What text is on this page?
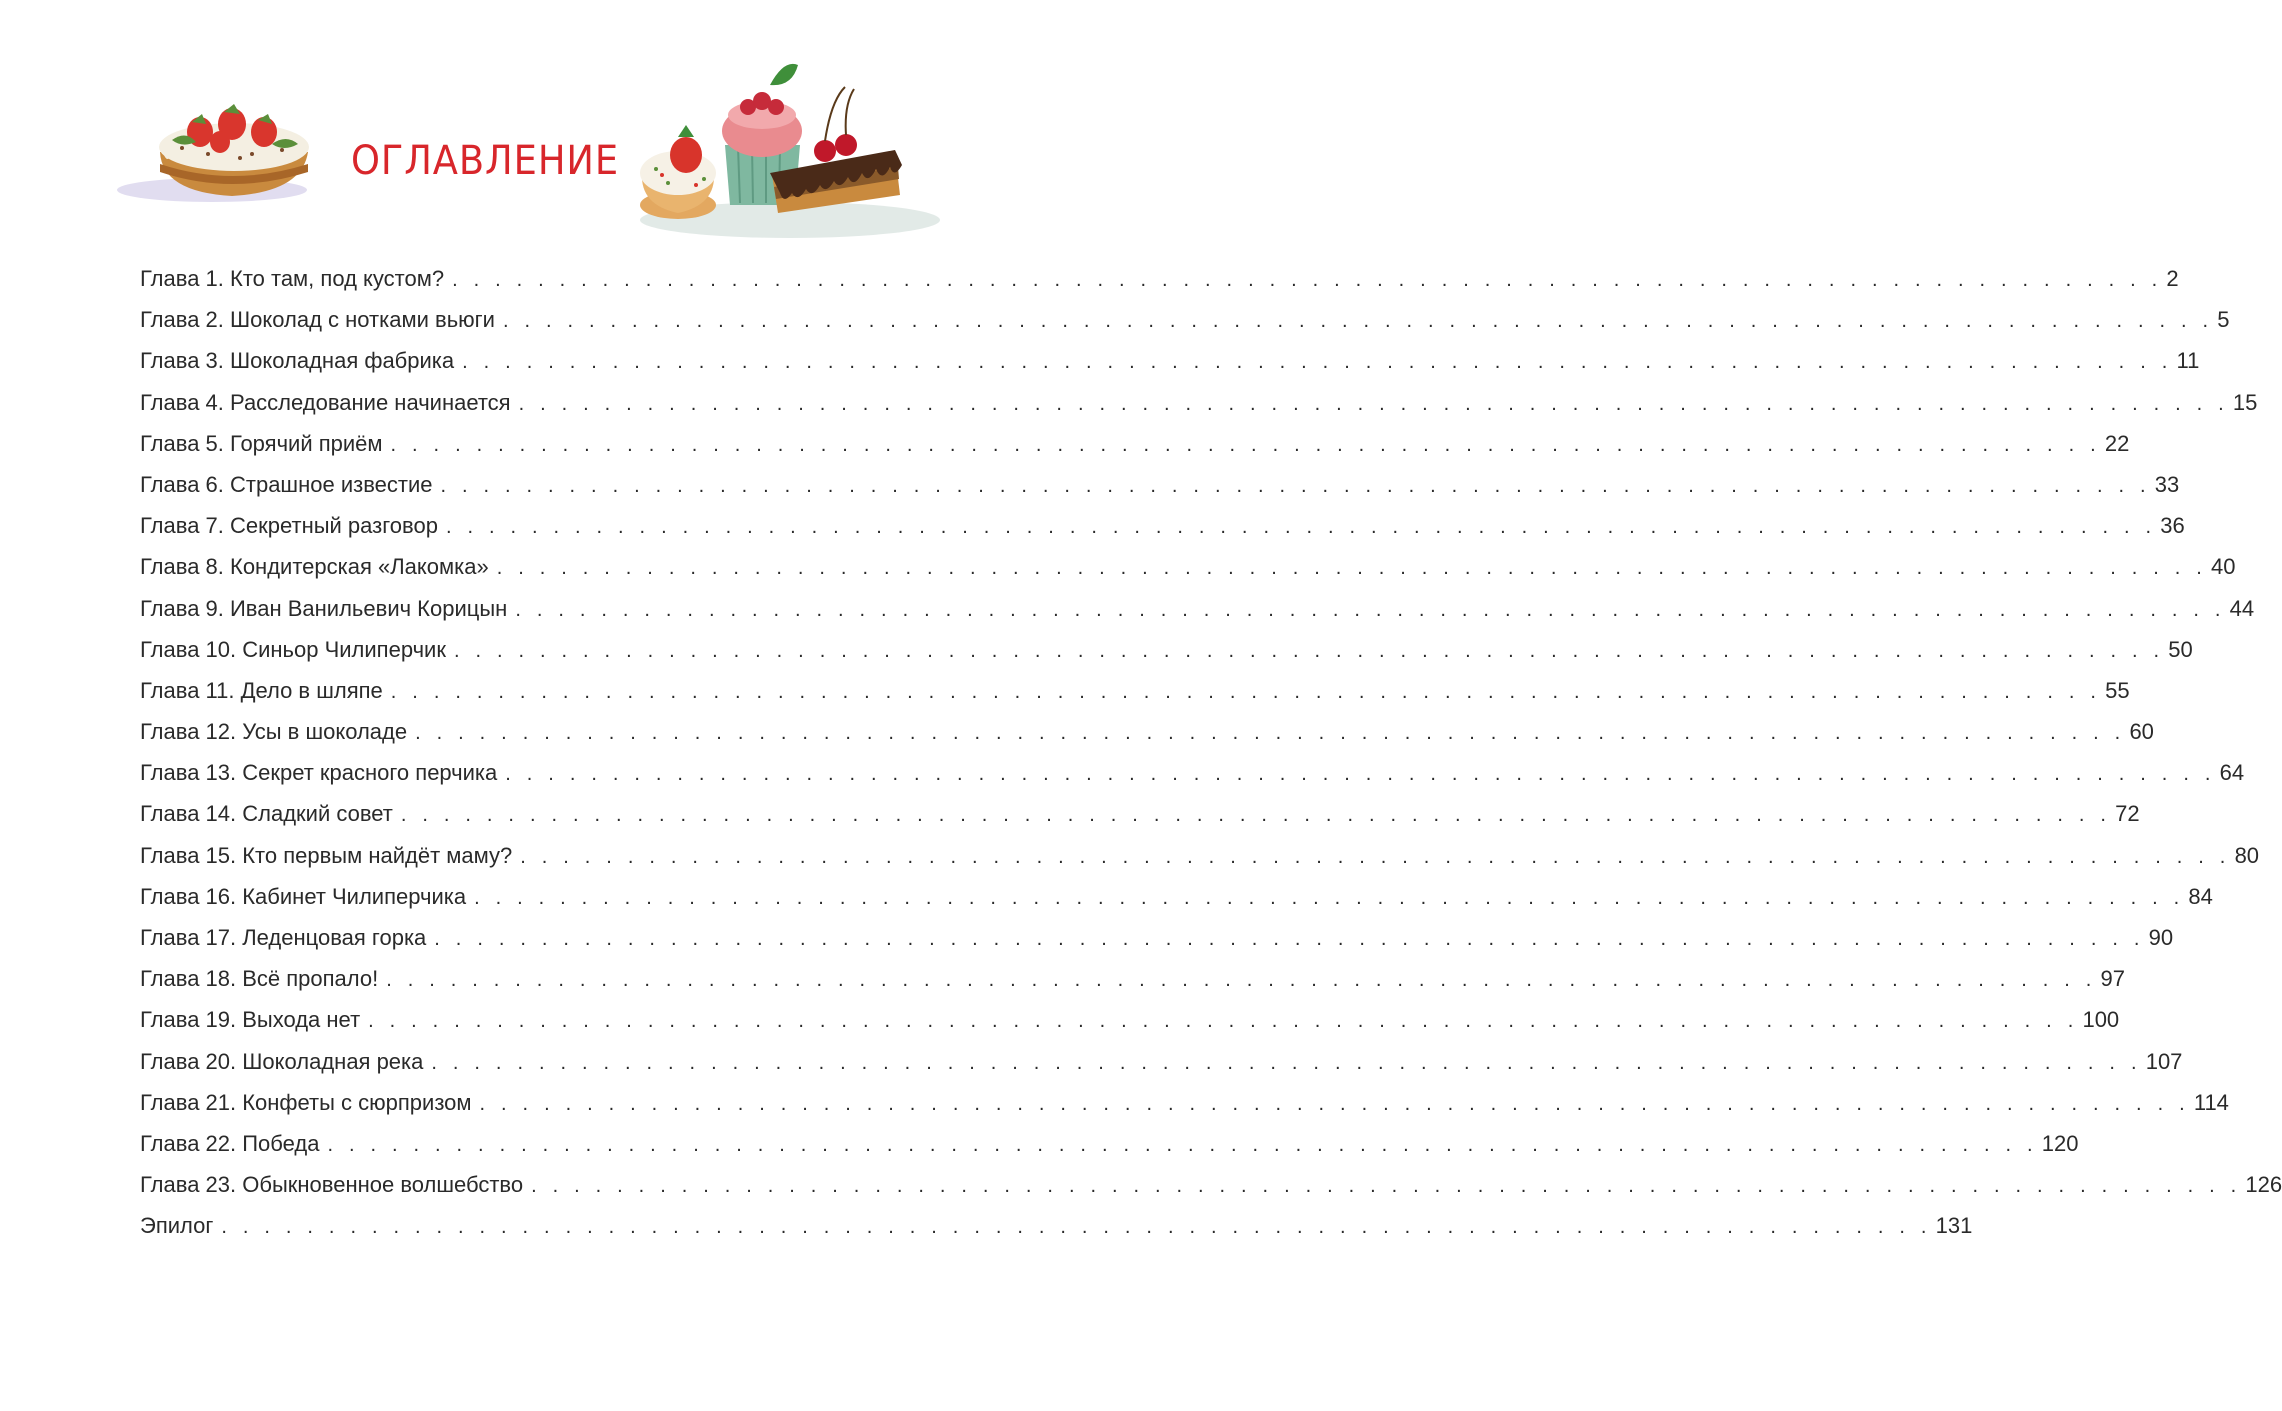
ОГЛАВЛЕНИЕ
Глава 1. Кто там, под кустом? . . . . . . . . . . . . . . . . . . . . . . . . . . . . . . . . . . . . . . . . . . . . . . . . . . . . . . . . . . . . . . . . . . . . . . . . . . . . . . . . 2
Глава 2. Шоколад с нотками вьюги . . . . . . . . . . . . . . . . . . . . . . . . . . . . . . . . . . . . . . . . . . . . . . . . . . . . . . . . . . . . . . . . . . . . . . . . . . . . . . . . 5
Глава 3. Шоколадная фабрика . . . . . . . . . . . . . . . . . . . . . . . . . . . . . . . . . . . . . . . . . . . . . . . . . . . . . . . . . . . . . . . . . . . . . . . . . . . . . . . . 11
Глава 4. Расследование начинается . . . . . . . . . . . . . . . . . . . . . . . . . . . . . . . . . . . . . . . . . . . . . . . . . . . . . . . . . . . . . . . . . . . . . . . . . . . . . . . . 15
Глава 5. Горячий приём . . . . . . . . . . . . . . . . . . . . . . . . . . . . . . . . . . . . . . . . . . . . . . . . . . . . . . . . . . . . . . . . . . . . . . . . . . . . . . . . 22
Глава 6. Страшное известие . . . . . . . . . . . . . . . . . . . . . . . . . . . . . . . . . . . . . . . . . . . . . . . . . . . . . . . . . . . . . . . . . . . . . . . . . . . . . . . . 33
Глава 7. Секретный разговор . . . . . . . . . . . . . . . . . . . . . . . . . . . . . . . . . . . . . . . . . . . . . . . . . . . . . . . . . . . . . . . . . . . . . . . . . . . . . . . . 36
Глава 8. Кондитерская «Лакомка» . . . . . . . . . . . . . . . . . . . . . . . . . . . . . . . . . . . . . . . . . . . . . . . . . . . . . . . . . . . . . . . . . . . . . . . . . . . . . . . . 40
Глава 9. Иван Ванильевич Корицын . . . . . . . . . . . . . . . . . . . . . . . . . . . . . . . . . . . . . . . . . . . . . . . . . . . . . . . . . . . . . . . . . . . . . . . . . . . . . . . . 44
Глава 10. Синьор Чилиперчик . . . . . . . . . . . . . . . . . . . . . . . . . . . . . . . . . . . . . . . . . . . . . . . . . . . . . . . . . . . . . . . . . . . . . . . . . . . . . . . . 50
Глава 11. Дело в шляпе . . . . . . . . . . . . . . . . . . . . . . . . . . . . . . . . . . . . . . . . . . . . . . . . . . . . . . . . . . . . . . . . . . . . . . . . . . . . . . . . 55
Глава 12. Усы в шоколаде . . . . . . . . . . . . . . . . . . . . . . . . . . . . . . . . . . . . . . . . . . . . . . . . . . . . . . . . . . . . . . . . . . . . . . . . . . . . . . . . 60
Глава 13. Секрет красного перчика . . . . . . . . . . . . . . . . . . . . . . . . . . . . . . . . . . . . . . . . . . . . . . . . . . . . . . . . . . . . . . . . . . . . . . . . . . . . . . . . 64
Глава 14. Сладкий совет . . . . . . . . . . . . . . . . . . . . . . . . . . . . . . . . . . . . . . . . . . . . . . . . . . . . . . . . . . . . . . . . . . . . . . . . . . . . . . . . 72
Глава 15. Кто первым найдёт маму? . . . . . . . . . . . . . . . . . . . . . . . . . . . . . . . . . . . . . . . . . . . . . . . . . . . . . . . . . . . . . . . . . . . . . . . . . . . . . . . . 80
Глава 16. Кабинет Чилиперчика . . . . . . . . . . . . . . . . . . . . . . . . . . . . . . . . . . . . . . . . . . . . . . . . . . . . . . . . . . . . . . . . . . . . . . . . . . . . . . . . 84
Глава 17. Леденцовая горка . . . . . . . . . . . . . . . . . . . . . . . . . . . . . . . . . . . . . . . . . . . . . . . . . . . . . . . . . . . . . . . . . . . . . . . . . . . . . . . . 90
Глава 18. Всё пропало! . . . . . . . . . . . . . . . . . . . . . . . . . . . . . . . . . . . . . . . . . . . . . . . . . . . . . . . . . . . . . . . . . . . . . . . . . . . . . . . . 97
Глава 19. Выхода нет . . . . . . . . . . . . . . . . . . . . . . . . . . . . . . . . . . . . . . . . . . . . . . . . . . . . . . . . . . . . . . . . . . . . . . . . . . . . . . . . 100
Глава 20. Шоколадная река . . . . . . . . . . . . . . . . . . . . . . . . . . . . . . . . . . . . . . . . . . . . . . . . . . . . . . . . . . . . . . . . . . . . . . . . . . . . . . . . 107
Глава 21. Конфеты с сюрпризом . . . . . . . . . . . . . . . . . . . . . . . . . . . . . . . . . . . . . . . . . . . . . . . . . . . . . . . . . . . . . . . . . . . . . . . . . . . . . . . . 114
Глава 22. Победа . . . . . . . . . . . . . . . . . . . . . . . . . . . . . . . . . . . . . . . . . . . . . . . . . . . . . . . . . . . . . . . . . . . . . . . . . . . . . . . . 120
Глава 23. Обыкновенное волшебство . . . . . . . . . . . . . . . . . . . . . . . . . . . . . . . . . . . . . . . . . . . . . . . . . . . . . . . . . . . . . . . . . . . . . . . . . . . . . . . . 126
Эпилог . . . . . . . . . . . . . . . . . . . . . . . . . . . . . . . . . . . . . . . . . . . . . . . . . . . . . . . . . . . . . . . . . . . . . . . . . . . . . . . . 131
